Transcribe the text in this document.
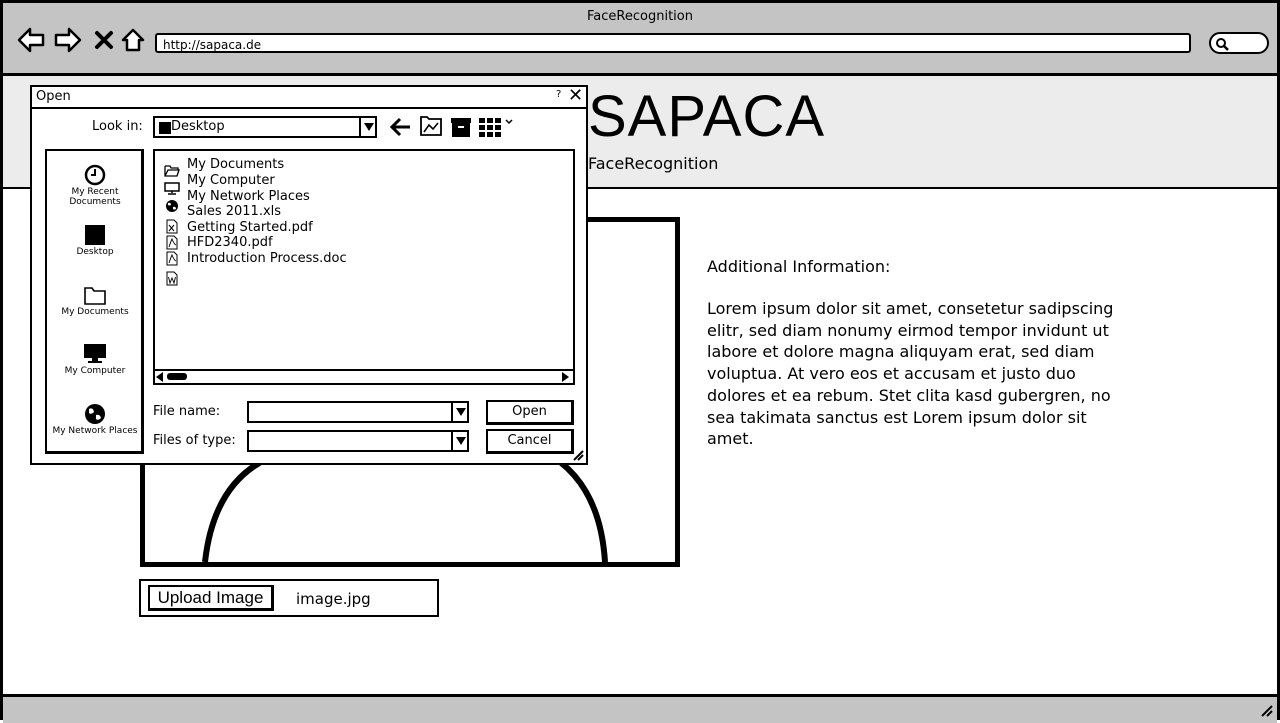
FaceRecognition
http://sapaca.de
SAPACA
FaceRecognition
Upload Image	image.jpg
Additional Information:
Lorem ipsum dolor sit amet, consetetur sadipscing elitr, sed diam nonumy eirmod tempor invidunt ut labore et dolore magna aliquyam erat, sed diam voluptua. At vero eos et accusam et justo duo dolores et ea rebum. Stet clita kasd gubergren, no sea takimata sanctus est Lorem ipsum dolor sit amet.
Open	? ✕
Look in: Desktop
My Recent Documents
Desktop
My Documents
My Computer
My Network Places
My Documents
My Computer
My Network Places
Sales 2011.xls
Getting Started.pdf
HFD2340.pdf
Introduction Process.doc
File name:
Files of type:
Open
Cancel
